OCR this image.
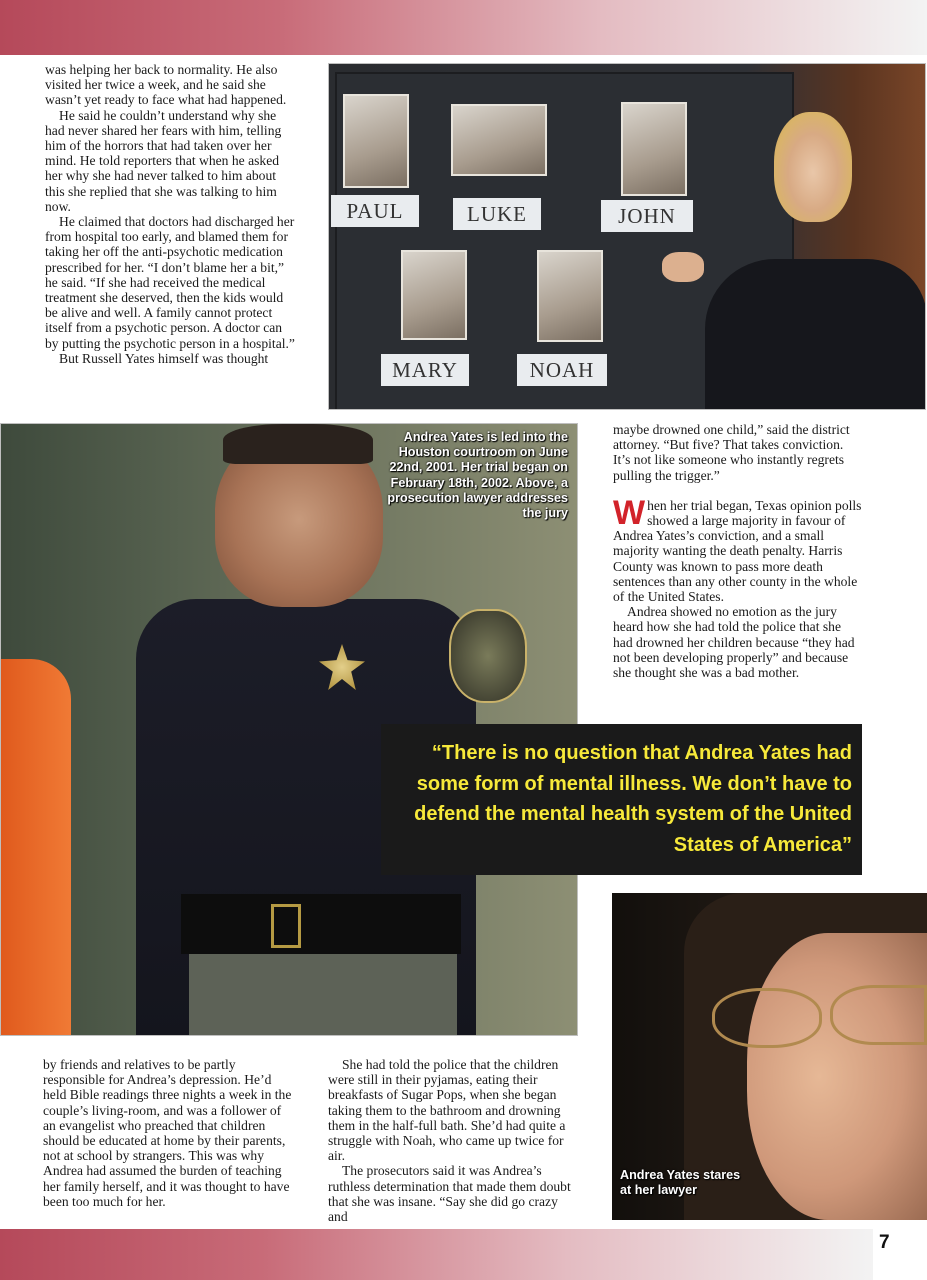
7

was helping her back to normality. He also visited her twice a week, and he said she wasn’t yet ready to face what had happened.

He said he couldn’t understand why she had never shared her fears with him, telling him of the horrors that had taken over her mind. He told reporters that when he asked her why she had never talked to him about this she replied that she was talking to him now.

He claimed that doctors had discharged her from hospital too early, and blamed them for taking her off the anti-psychotic medication prescribed for her. “I don’t blame her a bit,” he said. “If she had received the medical treatment she deserved, then the kids would be alive and well. A family cannot protect itself from a psychotic person. A doctor can by putting the psychotic person in a hospital.”

But Russell Yates himself was thought

PAUL	LUKE	JOHN
MARY	NOAH
Andrea Yates is led into the Houston courtroom on June 22nd, 2001. Her trial began on February 18th, 2002. Above, a prosecution lawyer addresses the jury

maybe drowned one child,” said the district attorney. “But five? That takes conviction. It’s not like someone who instantly regrets pulling the trigger.”

When her trial began, Texas opinion polls showed a large majority in favour of Andrea Yates’s conviction, and a small majority wanting the death penalty. Harris County was known to pass more death sentences than any other county in the whole of the United States.

Andrea showed no emotion as the jury heard how she had told the police that she had drowned her children because “they had not been developing properly” and because she thought she was a bad mother.

“There is no question that Andrea Yates had some form of mental illness. We don’t have to defend the mental health system of the United States of America”
Andrea Yates stares at her lawyer

by friends and relatives to be partly responsible for Andrea’s depression. He’d held Bible readings three nights a week in the couple’s living-room, and was a follower of an evangelist who preached that children should be educated at home by their parents, not at school by strangers. This was why Andrea had assumed the burden of teaching her family herself, and it was thought to have been too much for her.

She had told the police that the children were still in their pyjamas, eating their breakfasts of Sugar Pops, when she began taking them to the bathroom and drowning them in the half-full bath. She’d had quite a struggle with Noah, who came up twice for air.

The prosecutors said it was Andrea’s ruthless determination that made them doubt that she was insane. “Say she did go crazy and
